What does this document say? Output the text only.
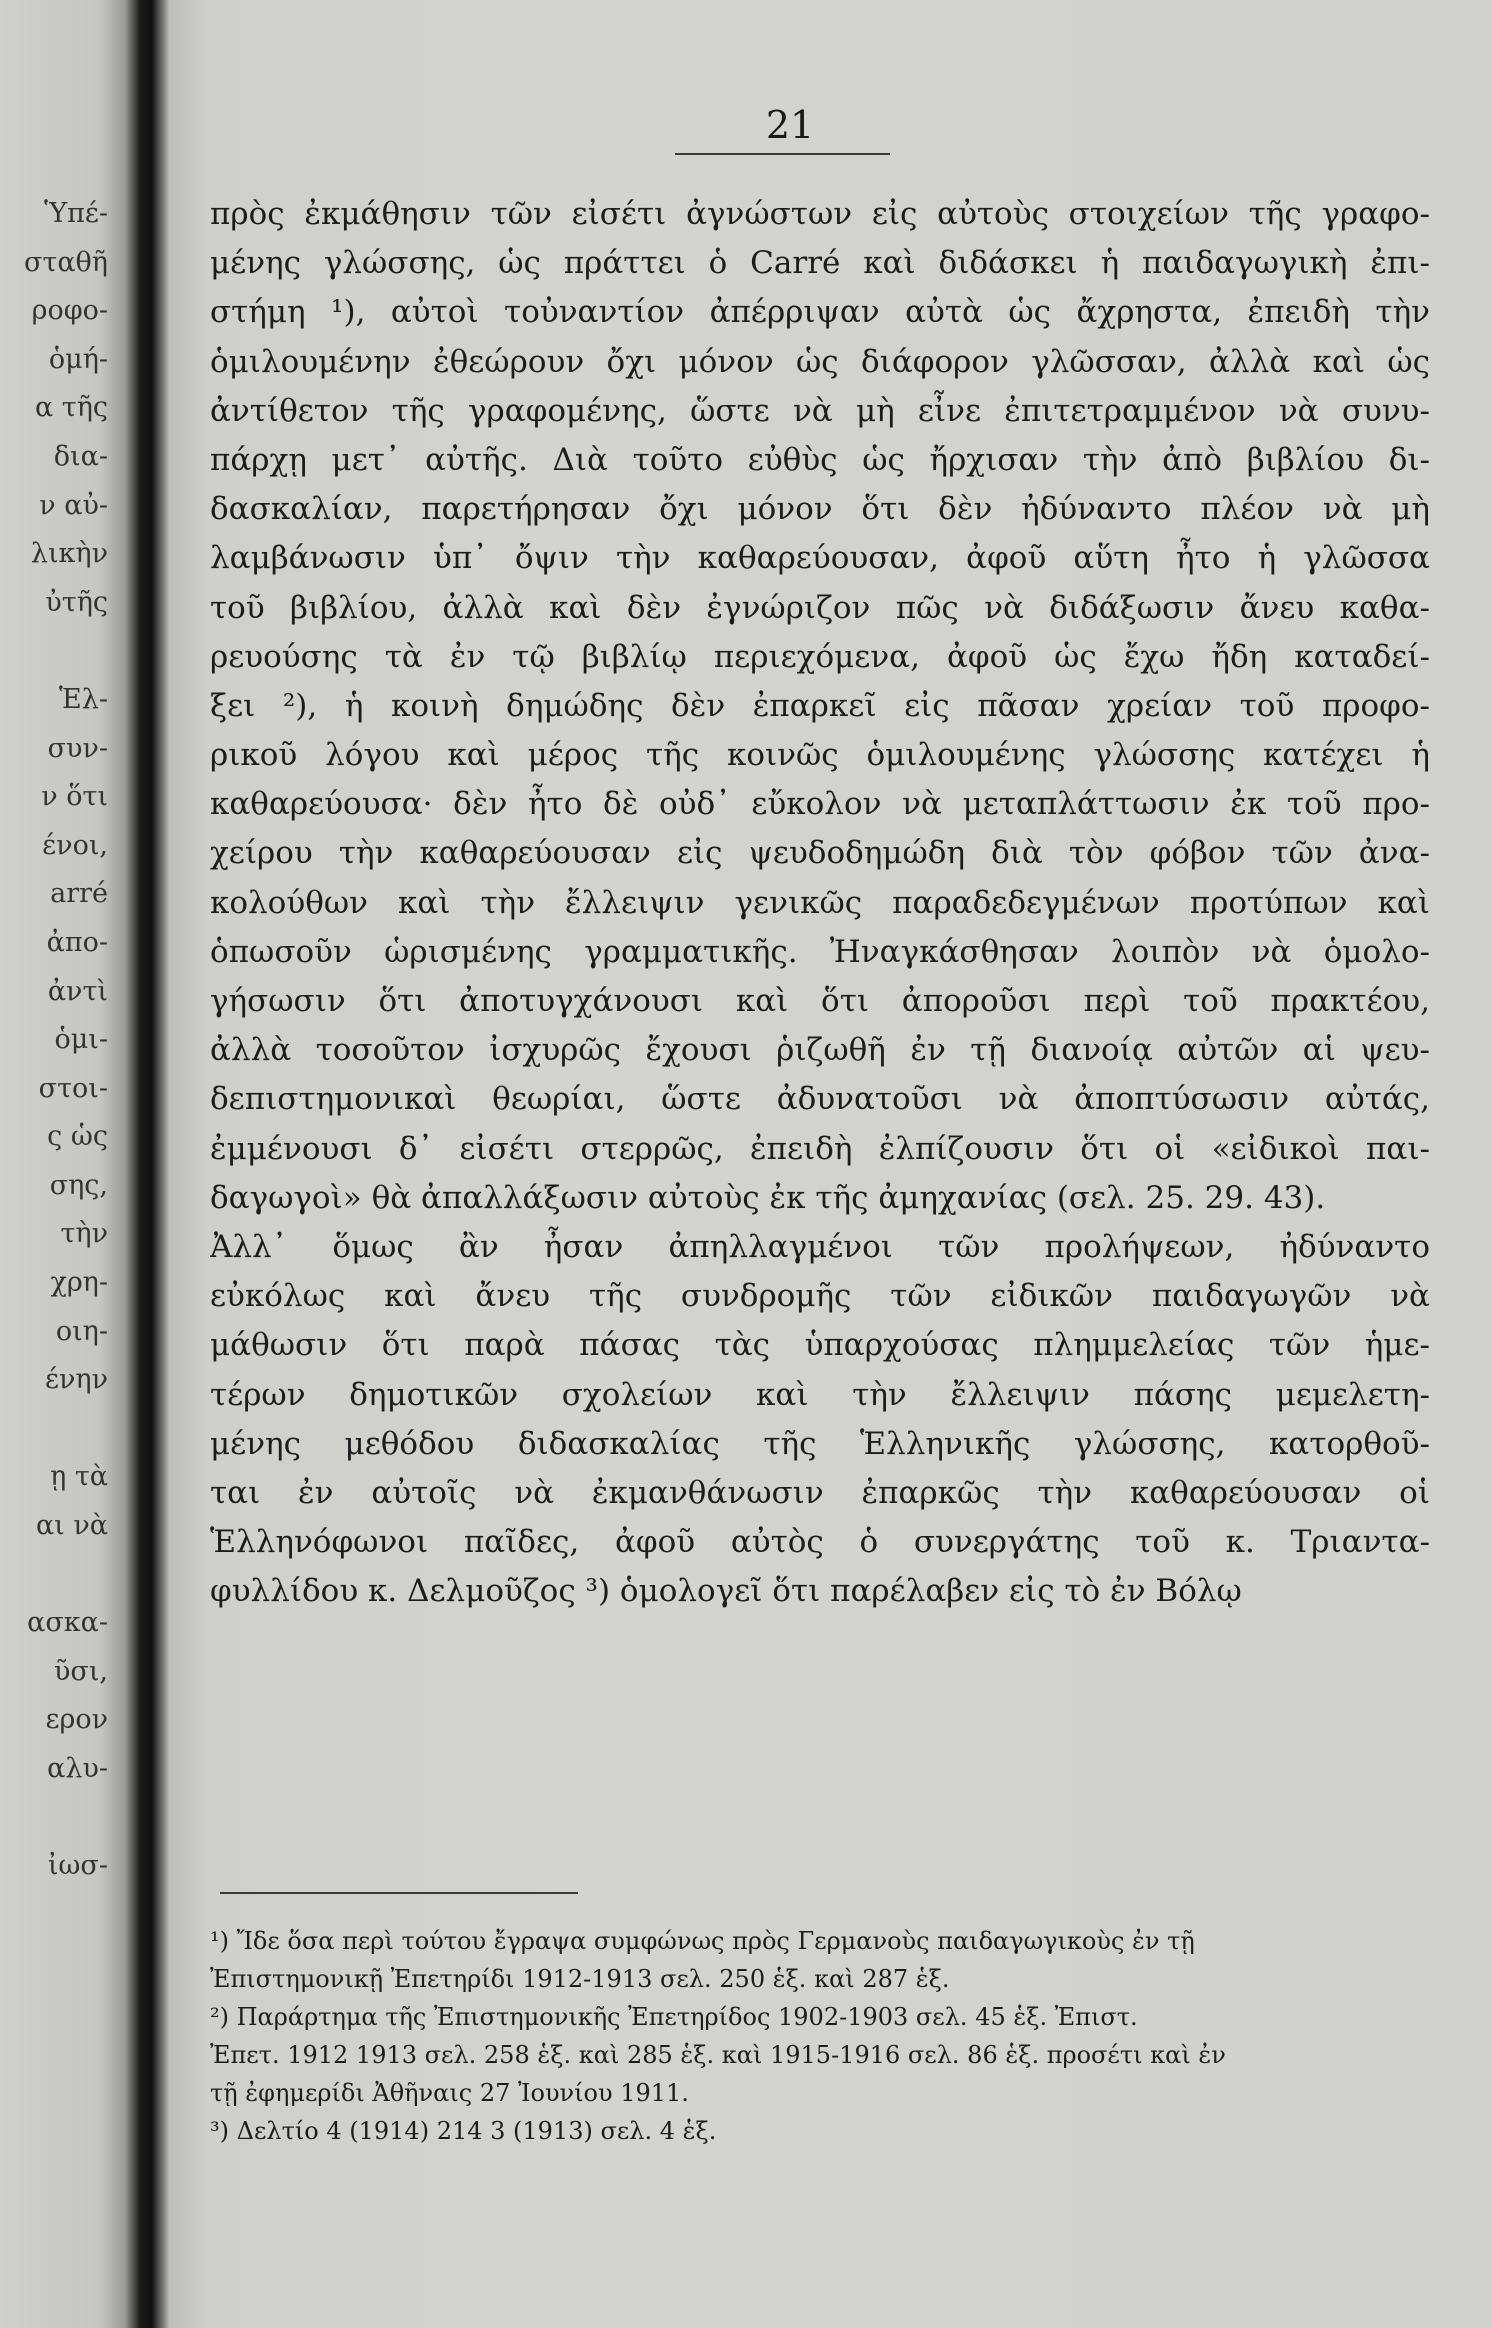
Ὑπέ-
σταθῆ
ροφο-
ὁμή-
α τῆς
δια-
ν αὐ-
λικὴν
ὐτῆς
Ἑλ-
συν-
ν ὅτι
ένοι,
arré
ἀπο-
ἀντὶ
ὁμι-
στοι-
ς ὡς
σης,
τὴν
χρη-
οιη-
ένην
ῃ τὰ
αι νὰ
ασκα-
ῦσι,
ερον
αλυ-
ἰωσ-
21
πρὸς ἐκμάθησιν τῶν εἰσέτι ἀγνώστων εἰς αὐτοὺς στοιχείων τῆς γραφο-
μένης γλώσσης, ὡς πράττει ὁ Carré καὶ διδάσκει ἡ παιδαγωγικὴ ἐπι-
στήμη ¹), αὐτοὶ τοὐναντίον ἀπέρριψαν αὐτὰ ὡς ἄχρηστα, ἐπειδὴ τὴν
ὁμιλουμένην ἐθεώρουν ὄχι μόνον ὡς διάφορον γλῶσσαν, ἀλλὰ καὶ ὡς
ἀντίθετον τῆς γραφομένης, ὥστε νὰ μὴ εἶνε ἐπιτετραμμένον νὰ συνυ-
πάρχῃ μετ᾽ αὐτῆς. Διὰ τοῦτο εὐθὺς ὡς ἤρχισαν τὴν ἀπὸ βιβλίου δι-
δασκαλίαν, παρετήρησαν ὄχι μόνον ὅτι δὲν ἠδύναντο πλέον νὰ μὴ
λαμβάνωσιν ὑπ᾽ ὄψιν τὴν καθαρεύουσαν, ἀφοῦ αὕτη ἦτο ἡ γλῶσσα
τοῦ βιβλίου, ἀλλὰ καὶ δὲν ἐγνώριζον πῶς νὰ διδάξωσιν ἄνευ καθα-
ρευούσης τὰ ἐν τῷ βιβλίῳ περιεχόμενα, ἀφοῦ ὡς ἔχω ἤδη καταδεί-
ξει ²), ἡ κοινὴ δημώδης δὲν ἐπαρκεῖ εἰς πᾶσαν χρείαν τοῦ προφο-
ρικοῦ λόγου καὶ μέρος τῆς κοινῶς ὁμιλουμένης γλώσσης κατέχει ἡ
καθαρεύουσα· δὲν ἦτο δὲ οὐδ᾽ εὔκολον νὰ μεταπλάττωσιν ἐκ τοῦ προ-
χείρου τὴν καθαρεύουσαν εἰς ψευδοδημώδη διὰ τὸν φόβον τῶν ἀνα-
κολούθων καὶ τὴν ἔλλειψιν γενικῶς παραδεδεγμένων προτύπων καὶ
ὁπωσοῦν ὡρισμένης γραμματικῆς. Ἠναγκάσθησαν λοιπὸν νὰ ὁμολο-
γήσωσιν ὅτι ἀποτυγχάνουσι καὶ ὅτι ἀποροῦσι περὶ τοῦ πρακτέου,
ἀλλὰ τοσοῦτον ἰσχυρῶς ἔχουσι ῥιζωθῆ ἐν τῇ διανοίᾳ αὐτῶν αἱ ψευ-
δεπιστημονικαὶ θεωρίαι, ὥστε ἀδυνατοῦσι νὰ ἀποπτύσωσιν αὐτάς,
ἐμμένουσι δ᾽ εἰσέτι στερρῶς, ἐπειδὴ ἐλπίζουσιν ὅτι οἱ «εἰδικοὶ παι-
δαγωγοὶ» θὰ ἀπαλλάξωσιν αὐτοὺς ἐκ τῆς ἀμηχανίας (σελ. 25. 29. 43).
Ἀλλ᾽ ὅμως ἂν ἦσαν ἀπηλλαγμένοι τῶν προλήψεων, ἠδύναντο
εὐκόλως καὶ ἄνευ τῆς συνδρομῆς τῶν εἰδικῶν παιδαγωγῶν νὰ
μάθωσιν ὅτι παρὰ πάσας τὰς ὑπαρχούσας πλημμελείας τῶν ἡμε-
τέρων δημοτικῶν σχολείων καὶ τὴν ἔλλειψιν πάσης μεμελετη-
μένης μεθόδου διδασκαλίας τῆς Ἑλληνικῆς γλώσσης, κατορθοῦ-
ται ἐν αὐτοῖς νὰ ἐκμανθάνωσιν ἐπαρκῶς τὴν καθαρεύουσαν οἱ
Ἑλληνόφωνοι παῖδες, ἀφοῦ αὐτὸς ὁ συνεργάτης τοῦ κ. Τριαντα-
φυλλίδου κ. Δελμοῦζος ³) ὁμολογεῖ ὅτι παρέλαβεν εἰς τὸ ἐν Βόλῳ
¹) Ἴδε ὅσα περὶ τούτου ἔγραψα συμφώνως πρὸς Γερμανοὺς παιδαγωγικοὺς ἐν τῇ
Ἐπιστημονικῇ Ἐπετηρίδι 1912-1913 σελ. 250 ἑξ. καὶ 287 ἑξ.
²) Παράρτημα τῆς Ἐπιστημονικῆς Ἐπετηρίδος 1902-1903 σελ. 45 ἑξ. Ἐπιστ.
Ἐπετ. 1912 1913 σελ. 258 ἑξ. καὶ 285 ἑξ. καὶ 1915-1916 σελ. 86 ἑξ. προσέτι καὶ ἐν
τῇ ἐφημερίδι Ἀθῆναις 27 Ἰουνίου 1911.
³) Δελτίο 4 (1914) 214 3 (1913) σελ. 4 ἑξ.
